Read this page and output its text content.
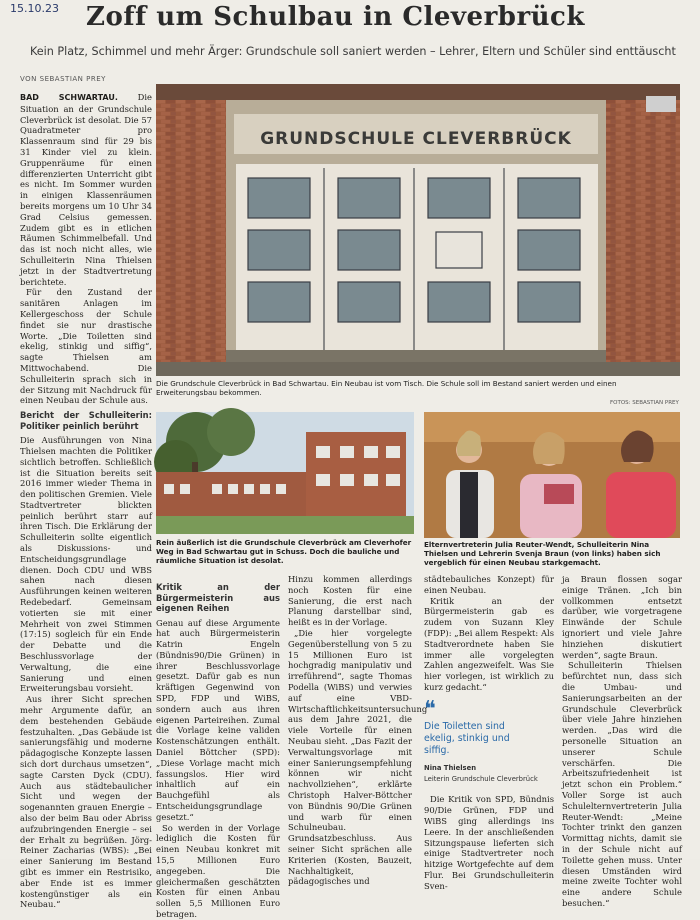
15.10.23 Zoff um Schulbau in Cleverbrück
Kein Platz, Schimmel und mehr Ärger: Grundschule soll saniert werden – Lehrer, Eltern und Schüler sind enttäuscht
VON SEBASTIAN PREY

BAD SCHWARTAU. Die Situation an der Grundschule Cleverbrück ist desolat. Die 57 Quadratmeter pro Klassenraum sind für 29 bis 31 Kinder viel zu klein. Gruppenräume für einen differenzierten Unterricht gibt es nicht. Im Sommer wurden in einigen Klassenräumen bereits morgens um 10 Uhr 34 Grad Celsius gemessen. Zudem gibt es in etlichen Räumen Schimmelbefall. Und das ist noch nicht alles, wie Schulleiterin Nina Thielsen jetzt in der Stadtvertretung berichtete.

Für den Zustand der sanitären Anlagen im Kellergeschoss der Schule findet sie nur drastische Worte. „Die Toiletten sind ekelig, stinkig und siffig“, sagte Thielsen am Mittwochabend. Die Schulleiterin sprach sich in der Sitzung mit Nachdruck für einen Neubau der Schule aus.

Bericht der Schulleiterin: Politiker peinlich berührt

Die Ausführungen von Nina Thielsen machten die Politiker sichtlich betroffen. Schließlich ist die Situation bereits seit 2016 immer wieder Thema in den politischen Gremien. Viele Stadtvertreter blickten peinlich berührt starr auf ihren Tisch. Die Erklärung der Schulleiterin sollte eigentlich als Diskussions- und Entscheidungsgrundlage dienen. Doch CDU und WBS sahen nach diesen Ausführungen keinen weiteren Redebedarf. Gemeinsam votierten sie mit einer Mehrheit von zwei Stimmen (17:15) sogleich für ein Ende der Debatte und die Beschlussvorlage der Verwaltung, die eine Sanierung und einen Erweiterungsbau vorsieht.

Aus ihrer Sicht sprechen mehr Argumente dafür, an dem bestehenden Gebäude festzuhalten. „Das Gebäude ist sanierungsfähig und moderne pädagogische Konzepte lassen sich dort durchaus umsetzen“, sagte Carsten Dyck (CDU). Auch aus städtebaulicher Sicht und wegen der sogenannten grauen Energie – also der beim Bau oder Abriss aufzubringenden Energie – sei der Erhalt zu begrüßen. Jörg-Reiner Zacharias (WBS): „Bei einer Sanierung im Bestand gibt es immer ein Restrisiko, aber Ende ist es immer kostengünstiger als ein Neubau.“

GRUNDSCHULE CLEVERBRÜCK
Die Grundschule Cleverbrück in Bad Schwartau. Ein Neubau ist vom Tisch. Die Schule soll im Bestand saniert werden und einen Erweiterungsbau bekommen.
FOTOS: SEBASTIAN PREY
Rein äußerlich ist die Grundschule Cleverbrück am Cleverhofer Weg in Bad Schwartau gut in Schuss. Doch die bauliche und räumliche Situation ist desolat.
Elternvertreterin Julia Reuter-Wendt, Schulleiterin Nina Thielsen und Lehrerin Svenja Braun (von links) haben sich vergeblich für einen Neubau starkgemacht.
Kritik an der Bürgermeisterin aus eigenen Reihen

Genau auf diese Argumente hat auch Bürgermeisterin Katrin Engeln (Bündnis90/Die Grünen) in ihrer Beschlussvorlage gesetzt. Dafür gab es nun kräftigen Gegenwind von SPD, FDP und WiBS, sondern auch aus ihren eigenen Parteireihen. Zumal die Vorlage keine validen Kostenschätzungen enthält. Daniel Böttcher (SPD): „Diese Vorlage macht mich fassungslos. Hier wird inhaltlich auf ein Bauchgefühl als Entscheidungsgrundlage gesetzt.“

So werden in der Vorlage lediglich die Kosten für einen Neubau konkret mit 15,5 Millionen Euro angegeben. Die gleichermaßen geschätzten Kosten für einen Anbau sollen 5,5 Millionen Euro betragen.

Hinzu kommen allerdings noch Kosten für eine Sanierung, die erst nach Planung darstellbar sind, heißt es in der Vorlage.

„Die hier vorgelegte Gegenüberstellung von 5 zu 15 Millionen Euro ist hochgradig manipulativ und irreführend“, sagte Thomas Podella (WiBS) und verwies auf eine VBD-Wirtschaftlichkeitsuntersuchung aus dem Jahre 2021, die viele Vorteile für einen Neubau sieht. „Das Fazit der Verwaltungsvorlage mit einer Sanierungsempfehlung können wir nicht nachvollziehen“, erklärte Christoph Halver-Böttcher von Bündnis 90/Die Grünen und warb für einen Schulneubau. Grundsatzbeschluss. Aus seiner Sicht sprächen alle Kriterien (Kosten, Bauzeit, Nachhaltigkeit, pädagogisches und

städtebauliches Konzept) für einen Neubau.

Kritik an der Bürgermeisterin gab es zudem von Suzann Kley (FDP): „Bei allem Respekt: Als Stadtverordnete haben Sie immer alle vorgelegten Zahlen angezweifelt. Was Sie hier vorlegen, ist wirklich zu kurz gedacht.“

❝
Die Toiletten sind ekelig, stinkig und siffig.
Nina Thielsen
Leiterin Grundschule Cleverbrück

Die Kritik von SPD, Bündnis 90/Die Grünen, FDP und WiBS ging allerdings ins Leere. In der anschließenden Sitzungspause lieferten sich einige Stadtvertreter noch hitzige Wortgefechte auf dem Flur. Bei Grundschulleiterin Sven-

ja Braun flossen sogar einige Tränen. „Ich bin vollkommen entsetzt darüber, wie vorgetragene Einwände der Schule ignoriert und viele Jahre hinziehen diskutiert werden“, sagte Braun.

Schulleiterin Thielsen befürchtet nun, dass sich die Umbau- und Sanierungsarbeiten an der Grundschule Cleverbrück über viele Jahre hinziehen werden. „Das wird die personelle Situation an unserer Schule verschärfen. Die Arbeitszufriedenheit ist jetzt schon ein Problem.“ Voller Sorge ist auch Schulelternvertreterin Julia Reuter-Wendt: „Meine Tochter trinkt den ganzen Vormittag nichts, damit sie in der Schule nicht auf Toilette gehen muss. Unter diesen Umständen wird meine zweite Tochter wohl eine andere Schule besuchen.“
